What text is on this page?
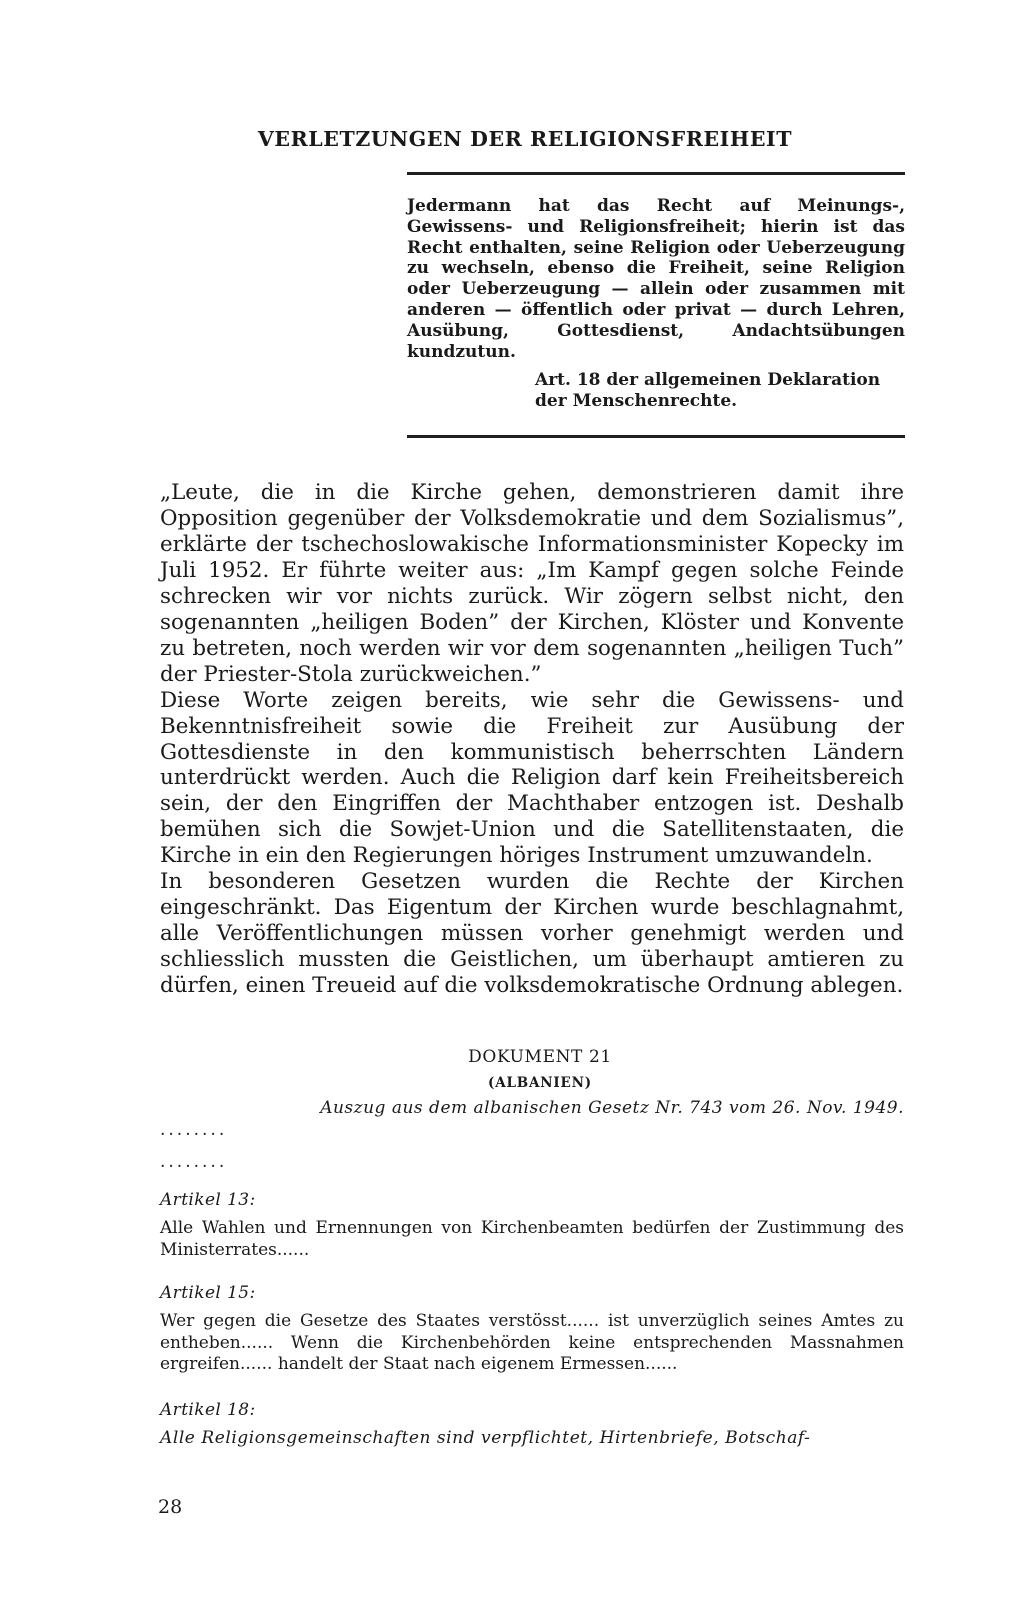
VERLETZUNGEN DER RELIGIONSFREIHEIT

Jedermann hat das Recht auf Meinungs-, Gewissens- und Religionsfreiheit; hierin ist das Recht enthalten, seine Religion oder Ueberzeugung zu wechseln, ebenso die Freiheit, seine Religion oder Ueberzeugung — allein oder zusammen mit anderen — öffentlich oder privat — durch Lehren, Ausübung, Gottesdienst, Andachtsübungen kundzutun.

Art. 18 der allgemeinen Deklaration
der Menschenrechte.

„Leute, die in die Kirche gehen, demonstrieren damit ihre Opposition gegenüber der Volksdemokratie und dem Sozialismus”, erklärte der tschechoslowakische Informationsminister Kopecky im Juli 1952. Er führte weiter aus: „Im Kampf gegen solche Feinde schrecken wir vor nichts zurück. Wir zögern selbst nicht, den sogenannten „heiligen Boden” der Kirchen, Klöster und Konvente zu betreten, noch werden wir vor dem sogenannten „heiligen Tuch” der Priester-Stola zurückweichen.”

Diese Worte zeigen bereits, wie sehr die Gewissens- und Bekenntnisfreiheit sowie die Freiheit zur Ausübung der Gottesdienste in den kommunistisch beherrschten Ländern unterdrückt werden. Auch die Religion darf kein Freiheitsbereich sein, der den Eingriffen der Machthaber entzogen ist. Deshalb bemühen sich die Sowjet-Union und die Satellitenstaaten, die Kirche in ein den Regierungen höriges Instrument umzuwandeln.

In besonderen Gesetzen wurden die Rechte der Kirchen eingeschränkt. Das Eigentum der Kirchen wurde beschlagnahmt, alle Veröffentlichungen müssen vorher genehmigt werden und schliesslich mussten die Geistlichen, um überhaupt amtieren zu dürfen, einen Treueid auf die volksdemokratische Ordnung ablegen.

DOKUMENT 21

(ALBANIEN)

Auszug aus dem albanischen Gesetz Nr. 743 vom 26. Nov. 1949.

........

........

Artikel 13:

Alle Wahlen und Ernennungen von Kirchenbeamten bedürfen der Zustimmung des Ministerrates......

Artikel 15:

Wer gegen die Gesetze des Staates verstösst...... ist unverzüglich seines Amtes zu entheben...... Wenn die Kirchenbehörden keine entsprechenden Massnahmen ergreifen...... handelt der Staat nach eigenem Ermessen......

Artikel 18:

Alle Religionsgemeinschaften sind verpflichtet, Hirtenbriefe, Botschaf-

28
